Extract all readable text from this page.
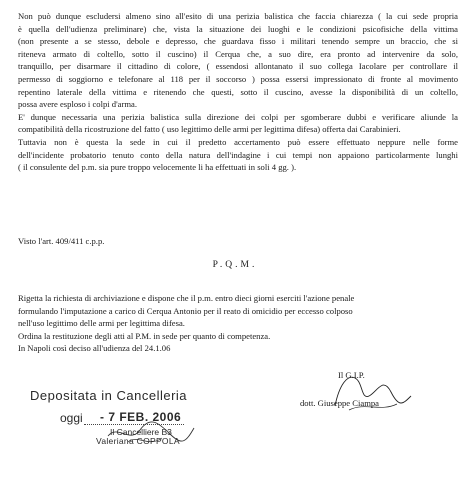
Non può dunque escludersi almeno sino all'esito di una perizia balistica che faccia chiarezza ( la cui sede propria
è quella dell'udienza preliminare) che, vista la situazione dei luoghi e le condizioni psicofisiche della vittima
(non presente a se stesso, debole e depresso, che guardava fisso i militari tenendo sempre un braccio, che si
riteneva armato di coltello, sotto il cuscino) il Cerqua che, a suo dire, era pronto ad intervenire da solo,
tranquillo, per disarmare il cittadino di colore, ( essendosi allontanato il suo collega Iacolare per controllare il
permesso di soggiorno e telefonare al 118 per il soccorso ) possa essersi impressionato di fronte al movimento
repentino laterale della vittima e ritenendo che questi, sotto il cuscino, avesse la disponibilità di un coltello,
possa avere esploso i colpi d'arma.
E' dunque necessaria una perizia balistica sulla direzione dei colpi per sgomberare dubbi e verificare aliunde la
compatibilità della ricostruzione del fatto ( uso legittimo delle armi per legittima difesa) offerta dai Carabinieri.
Tuttavia non è questa la sede in cui il predetto accertamento può essere effettuato neppure nelle forme
dell'incidente probatorio tenuto conto della natura dell'indagine i cui tempi non appaiono particolarmente lunghi
( il consulente del p.m. sia pure troppo velocemente li ha effettuati in soli 4 gg. ).
Visto l'art. 409/411 c.p.p.
P.Q.M.
Rigetta la richiesta di archiviazione e dispone che il p.m. entro dieci giorni eserciti l'azione penale
formulando l'imputazione a carico di Cerqua Antonio per il reato di omicidio per eccesso colposo
nell'uso legittimo delle armi per legittima difesa.
Ordina la restituzione degli atti al P.M. in sede per quanto di competenza.
In Napoli così deciso all'udienza del 24.1.06
Depositata in Cancelleria
oggi - 7 FEB. 2006
Il Cancelliere B3
Valeriana COPPOLA
Il G.I.P.
dott. Giuseppe Ciampa
